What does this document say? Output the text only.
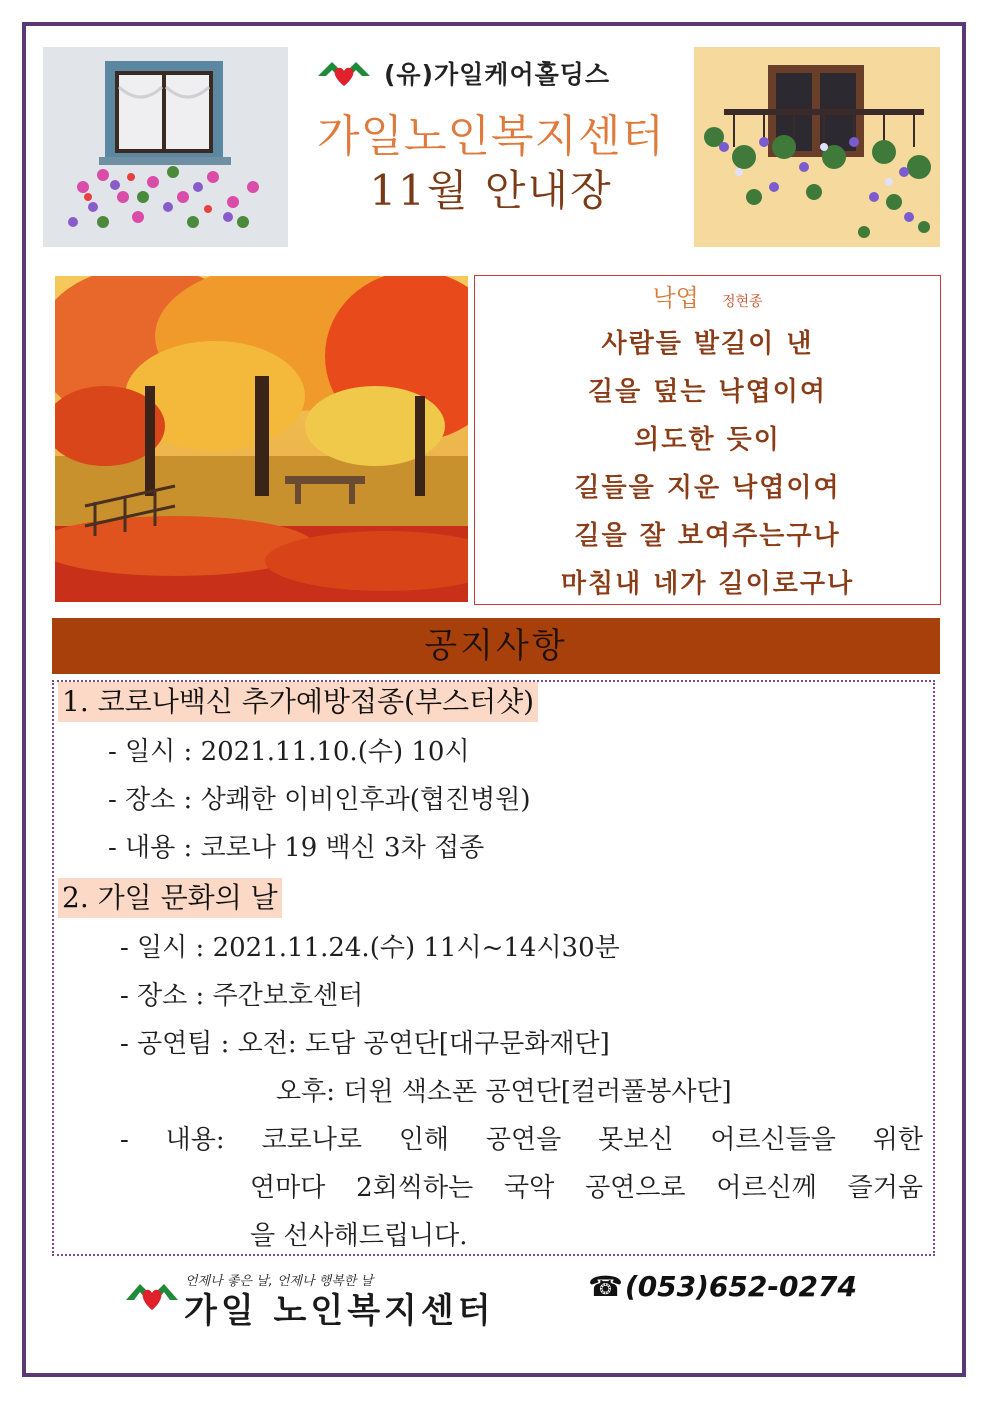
(유)가일케어홀딩스
가일노인복지센터
11월 안내장
낙엽 정현종
사람들 발길이 낸
길을 덮는 낙엽이여
의도한 듯이
길들을 지운 낙엽이여
길을 잘 보여주는구나
마침내 네가 길이로구나
공지사항
1. 코로나백신 추가예방접종(부스터샷)
- 일시 : 2021.11.10.(수) 10시
- 장소 : 상쾌한 이비인후과(협진병원)
- 내용 : 코로나 19 백신 3차 접종
2. 가일 문화의 날
- 일시 : 2021.11.24.(수) 11시~14시30분
- 장소 : 주간보호센터
- 공연팀 : 오전: 도담 공연단[대구문화재단]
오후: 더윈 색소폰 공연단[컬러풀봉사단]
- 내용: 코로나로 인해 공연을 못보신 어르신들을 위한
연마다 2회씩하는 국악 공연으로 어르신께 즐거움
을 선사해드립니다.
언제나 좋은 날, 언제나 행복한 날
가일 노인복지센터
☎ (053)652-0274
